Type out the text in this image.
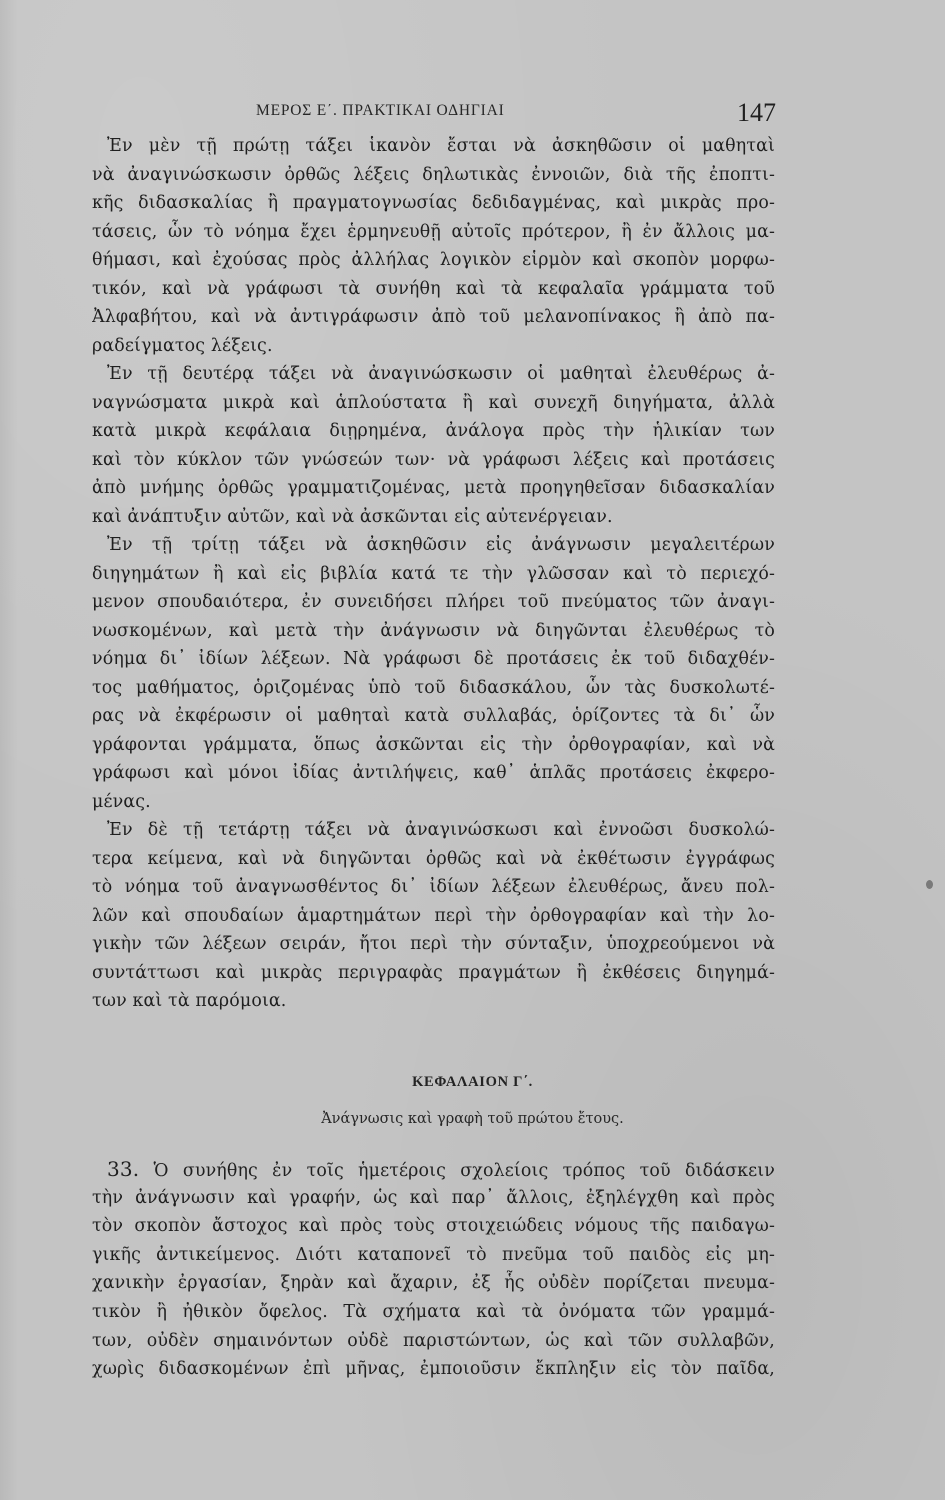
ΜΕΡΟΣ Ε΄. ΠΡΑΚΤΙΚΑΙ ΟΔΗΓΙΑΙ	147
Ἐν μὲν τῇ πρώτῃ τάξει ἱκανὸν ἔσται νὰ ἀσκηθῶσιν οἱ μαθηταὶ
νὰ ἀναγινώσκωσιν ὀρθῶς λέξεις δηλωτικὰς ἐννοιῶν, διὰ τῆς ἐποπτι-
κῆς διδασκαλίας ἢ πραγματογνωσίας δεδιδαγμένας, καὶ μικρὰς προ-
τάσεις, ὧν τὸ νόημα ἔχει ἑρμηνευθῇ αὐτοῖς πρότερον, ἢ ἐν ἄλλοις μα-
θήμασι, καὶ ἐχούσας πρὸς ἀλλήλας λογικὸν εἱρμὸν καὶ σκοπὸν μορφω-
τικόν, καὶ νὰ γράφωσι τὰ συνήθη καὶ τὰ κεφαλαῖα γράμματα τοῦ
Ἀλφαβήτου, καὶ νὰ ἀντιγράφωσιν ἀπὸ τοῦ μελανοπίνακος ἢ ἀπὸ πα-
ραδείγματος λέξεις.
Ἐν τῇ δευτέρᾳ τάξει νὰ ἀναγινώσκωσιν οἱ μαθηταὶ ἐλευθέρως ἀ-
ναγνώσματα μικρὰ καὶ ἁπλούστατα ἢ καὶ συνεχῆ διηγήματα, ἀλλὰ
κατὰ μικρὰ κεφάλαια διῃρημένα, ἀνάλογα πρὸς τὴν ἡλικίαν των
καὶ τὸν κύκλον τῶν γνώσεών των· νὰ γράφωσι λέξεις καὶ προτάσεις
ἀπὸ μνήμης ὀρθῶς γραμματιζομένας, μετὰ προηγηθεῖσαν διδασκαλίαν
καὶ ἀνάπτυξιν αὐτῶν, καὶ νὰ ἀσκῶνται εἰς αὐτενέργειαν.
Ἐν τῇ τρίτῃ τάξει νὰ ἀσκηθῶσιν εἰς ἀνάγνωσιν μεγαλειτέρων
διηγημάτων ἢ καὶ εἰς βιβλία κατά τε τὴν γλῶσσαν καὶ τὸ περιεχό-
μενον σπουδαιότερα, ἐν συνειδήσει πλήρει τοῦ πνεύματος τῶν ἀναγι-
νωσκομένων, καὶ μετὰ τὴν ἀνάγνωσιν νὰ διηγῶνται ἐλευθέρως τὸ
νόημα δι᾽ ἰδίων λέξεων. Νὰ γράφωσι δὲ προτάσεις ἐκ τοῦ διδαχθέν-
τος μαθήματος, ὁριζομένας ὑπὸ τοῦ διδασκάλου, ὧν τὰς δυσκολωτέ-
ρας νὰ ἐκφέρωσιν οἱ μαθηταὶ κατὰ συλλαβάς, ὁρίζοντες τὰ δι᾽ ὧν
γράφονται γράμματα, ὅπως ἀσκῶνται εἰς τὴν ὀρθογραφίαν, καὶ νὰ
γράφωσι καὶ μόνοι ἰδίας ἀντιλήψεις, καθ᾽ ἁπλᾶς προτάσεις ἐκφερο-
μένας.
Ἐν δὲ τῇ τετάρτῃ τάξει νὰ ἀναγινώσκωσι καὶ ἐννοῶσι δυσκολώ-
τερα κείμενα, καὶ νὰ διηγῶνται ὀρθῶς καὶ νὰ ἐκθέτωσιν ἐγγράφως
τὸ νόημα τοῦ ἀναγνωσθέντος δι᾽ ἰδίων λέξεων ἐλευθέρως, ἄνευ πολ-
λῶν καὶ σπουδαίων ἁμαρτημάτων περὶ τὴν ὀρθογραφίαν καὶ τὴν λο-
γικὴν τῶν λέξεων σειράν, ἤτοι περὶ τὴν σύνταξιν, ὑποχρεούμενοι νὰ
συντάττωσι καὶ μικρὰς περιγραφὰς πραγμάτων ἢ ἐκθέσεις διηγημά-
των καὶ τὰ παρόμοια.
ΚΕΦΑΛΑΙΟΝ Γ΄.
Ἀνάγνωσις καὶ γραφὴ τοῦ πρώτου ἔτους.
33. Ὁ συνήθης ἐν τοῖς ἡμετέροις σχολείοις τρόπος τοῦ διδάσκειν
τὴν ἀνάγνωσιν καὶ γραφήν, ὡς καὶ παρ᾽ ἄλλοις, ἐξηλέγχθη καὶ πρὸς
τὸν σκοπὸν ἄστοχος καὶ πρὸς τοὺς στοιχειώδεις νόμους τῆς παιδαγω-
γικῆς ἀντικείμενος. Διότι καταπονεῖ τὸ πνεῦμα τοῦ παιδὸς εἰς μη-
χανικὴν ἐργασίαν, ξηρὰν καὶ ἄχαριν, ἐξ ἧς οὐδὲν πορίζεται πνευμα-
τικὸν ἢ ἠθικὸν ὄφελος. Τὰ σχήματα καὶ τὰ ὀνόματα τῶν γραμμά-
των, οὐδὲν σημαινόντων οὐδὲ παριστώντων, ὡς καὶ τῶν συλλαβῶν,
χωρὶς διδασκομένων ἐπὶ μῆνας, ἐμποιοῦσιν ἔκπληξιν εἰς τὸν παῖδα,
